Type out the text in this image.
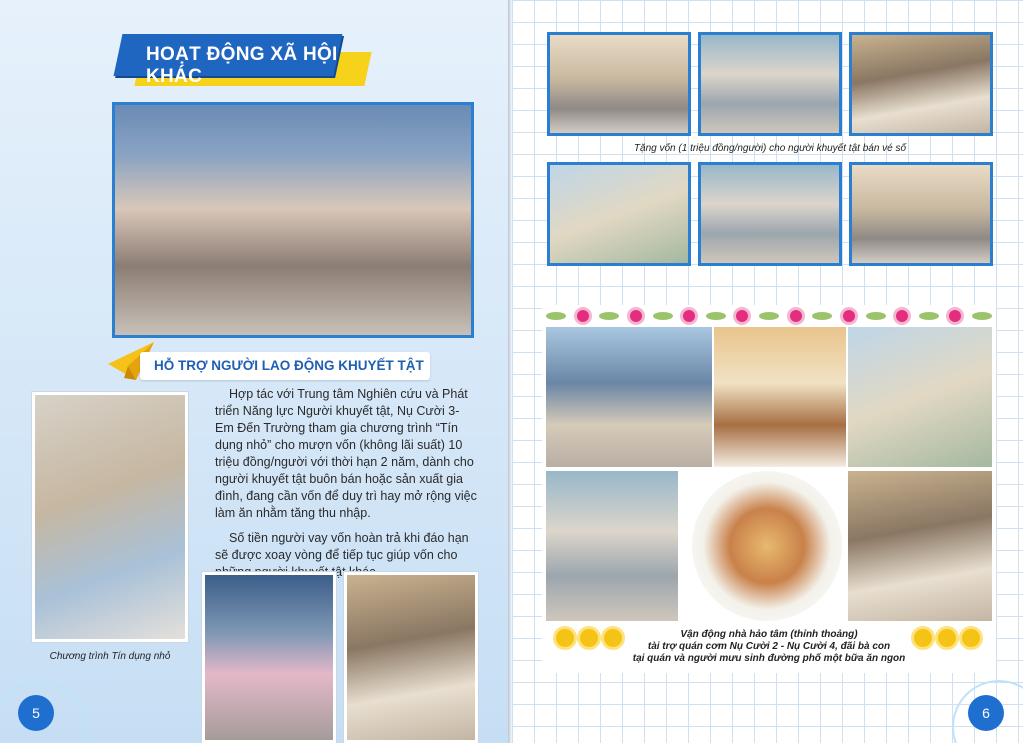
HOẠT ĐỘNG XÃ HỘI KHÁC
HỖ TRỢ NGƯỜI LAO ĐỘNG KHUYẾT TẬT
Chương trình Tín dụng nhỏ

Hợp tác với Trung tâm Nghiên cứu và Phát triển Năng lực Người khuyết tật, Nụ Cười 3-Em Đến Trường tham gia chương trình “Tín dụng nhỏ” cho mượn vốn (không lãi suất) 10 triệu đồng/người với thời hạn 2 năm, dành cho người khuyết tật buôn bán hoặc sản xuất gia đình, đang cần vốn để duy trì hay mở rộng việc làm ăn nhằm tăng thu nhập.

Số tiền người vay vốn hoàn trả khi đáo hạn sẽ được xoay vòng để tiếp tục giúp vốn cho tật

5
Tặng vốn (1 triệu đồng/người) cho người khuyết tật bán vé số
Vận động nhà hảo tâm (thỉnh thoảng)
tài trợ quán cơm Nụ Cười 2 - Nụ Cười 4, đãi bà con
tại quán và người mưu sinh đường phố một bữa ăn ngon
6
